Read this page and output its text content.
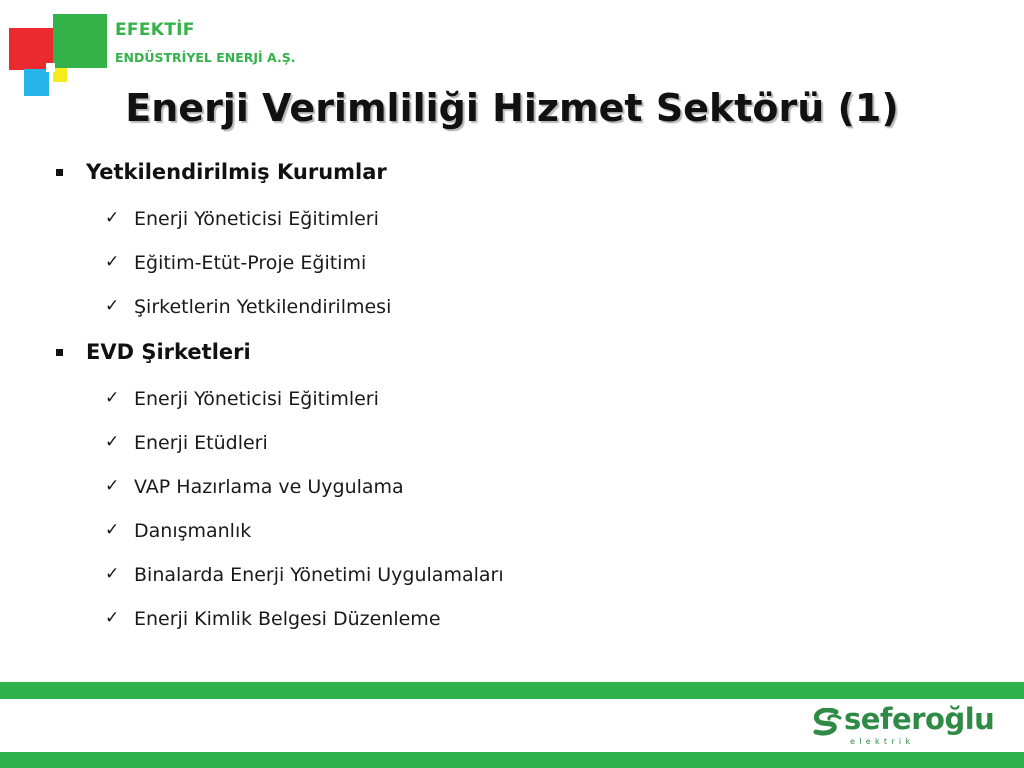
EFEKTİF

ENDÜSTRİYEL ENERJİ A.Ş.

Enerji Verimliliği Hizmet Sektörü (1)

Yetkilendirilmiş Kurumlar

✓ Enerji Yöneticisi Eğitimleri

✓ Eğitim-Etüt-Proje Eğitimi

✓ Şirketlerin Yetkilendirilmesi

EVD Şirketleri

✓ Enerji Yöneticisi Eğitimleri

✓ Enerji Etüdleri

✓ VAP Hazırlama ve Uygulama

✓ Danışmanlık

✓ Binalarda Enerji Yönetimi Uygulamaları

✓ Enerji Kimlik Belgesi Düzenleme

seferoğlu

elektrik
